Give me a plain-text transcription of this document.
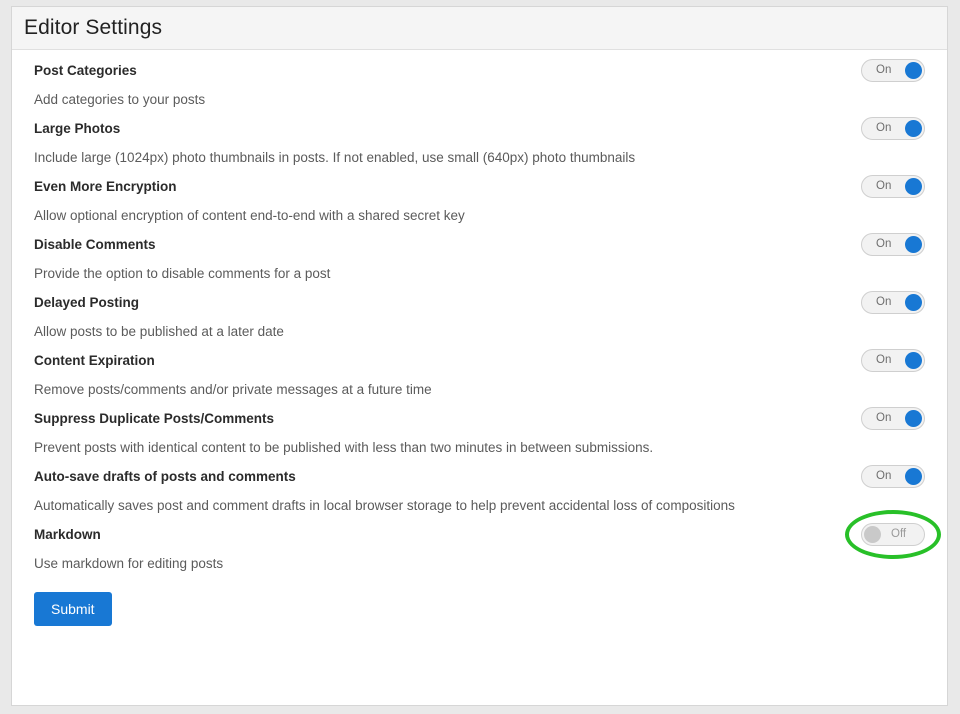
Editor Settings
Post Categories	On
Add categories to your posts
Large Photos	On
Include large (1024px) photo thumbnails in posts. If not enabled, use small (640px) photo thumbnails
Even More Encryption	On
Allow optional encryption of content end-to-end with a shared secret key
Disable Comments	On
Provide the option to disable comments for a post
Delayed Posting	On
Allow posts to be published at a later date
Content Expiration	On
Remove posts/comments and/or private messages at a future time
Suppress Duplicate Posts/Comments	On
Prevent posts with identical content to be published with less than two minutes in between submissions.
Auto-save drafts of posts and comments	On
Automatically saves post and comment drafts in local browser storage to help prevent accidental loss of compositions
Markdown	Off
Use markdown for editing posts
Submit
